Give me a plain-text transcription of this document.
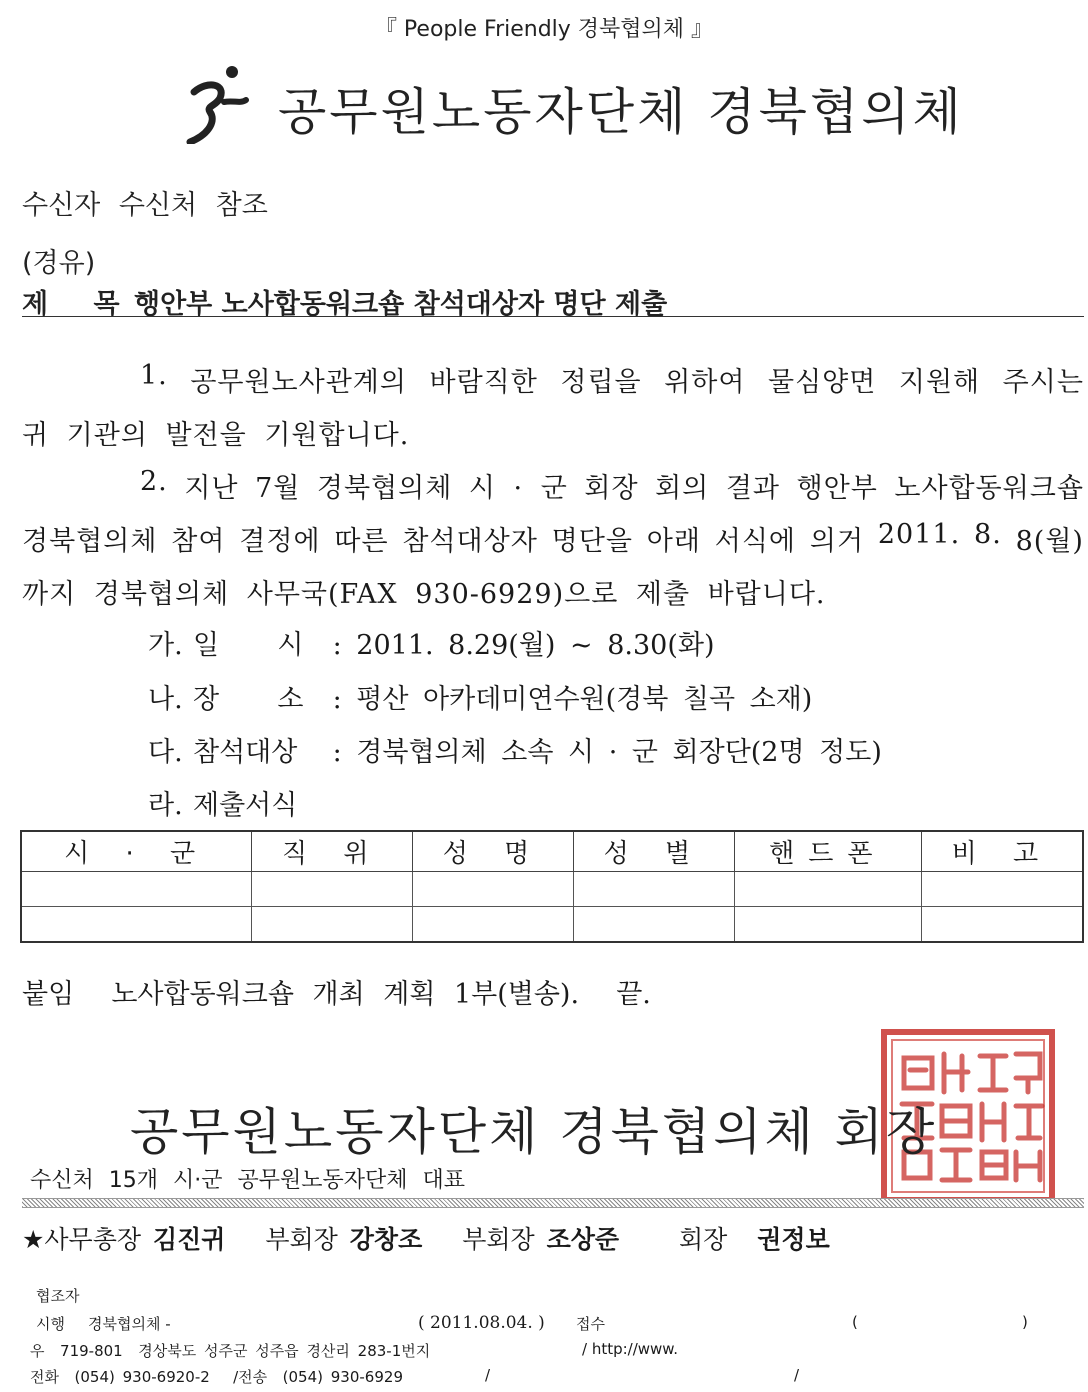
『 People Friendly 경북협의체 』
공무원노동자단체 경북협의체
수신자 수신처 참조
(경유)
제 목행안부 노사합동워크숍 참석대상자 명단 제출
1. 공무원노사관계의 바람직한 정립을 위하여 물심양면 지원해 주시는
귀 기관의 발전을 기원합니다.
2. 지난 7월 경북협의체 시 · 군 회장 회의 결과 행안부 노사합동워크숍
경북협의체 참여 결정에 따른 참석대상자 명단을 아래 서식에 의거 2011. 8. 8(월)
까지 경북협의체 사무국(FAX 930-6929)으로 제출 바랍니다.
가. 일    시 : 2011. 8.29(월) ~ 8.30(화)
나. 장    소 : 평산 아카데미연수원(경북 칠곡 소재)
다. 참석대상 : 경북협의체 소속 시 · 군 회장단(2명 정도)
라. 제출서식
시 · 군	직 위	성 명	성 별	핸드폰	비 고

붙임  노사합동워크숍 개최 계획 1부(별송).  끝.
공무원노동자단체 경북협의체 회장
수신처 15개 시·군 공무원노동자단체 대표
★사무총장 김진귀 부회장 강창조 부회장 조상준 회장 권정보
협조자
시행 경북협의체 -	( 2011.08.04. ) 접수	(	)
우  719-801  경상북도 성주군 성주읍 경산리 283-1번지	/ http://www.
전화  (054) 930-6920-2   /전송  (054) 930-6929	/	/
